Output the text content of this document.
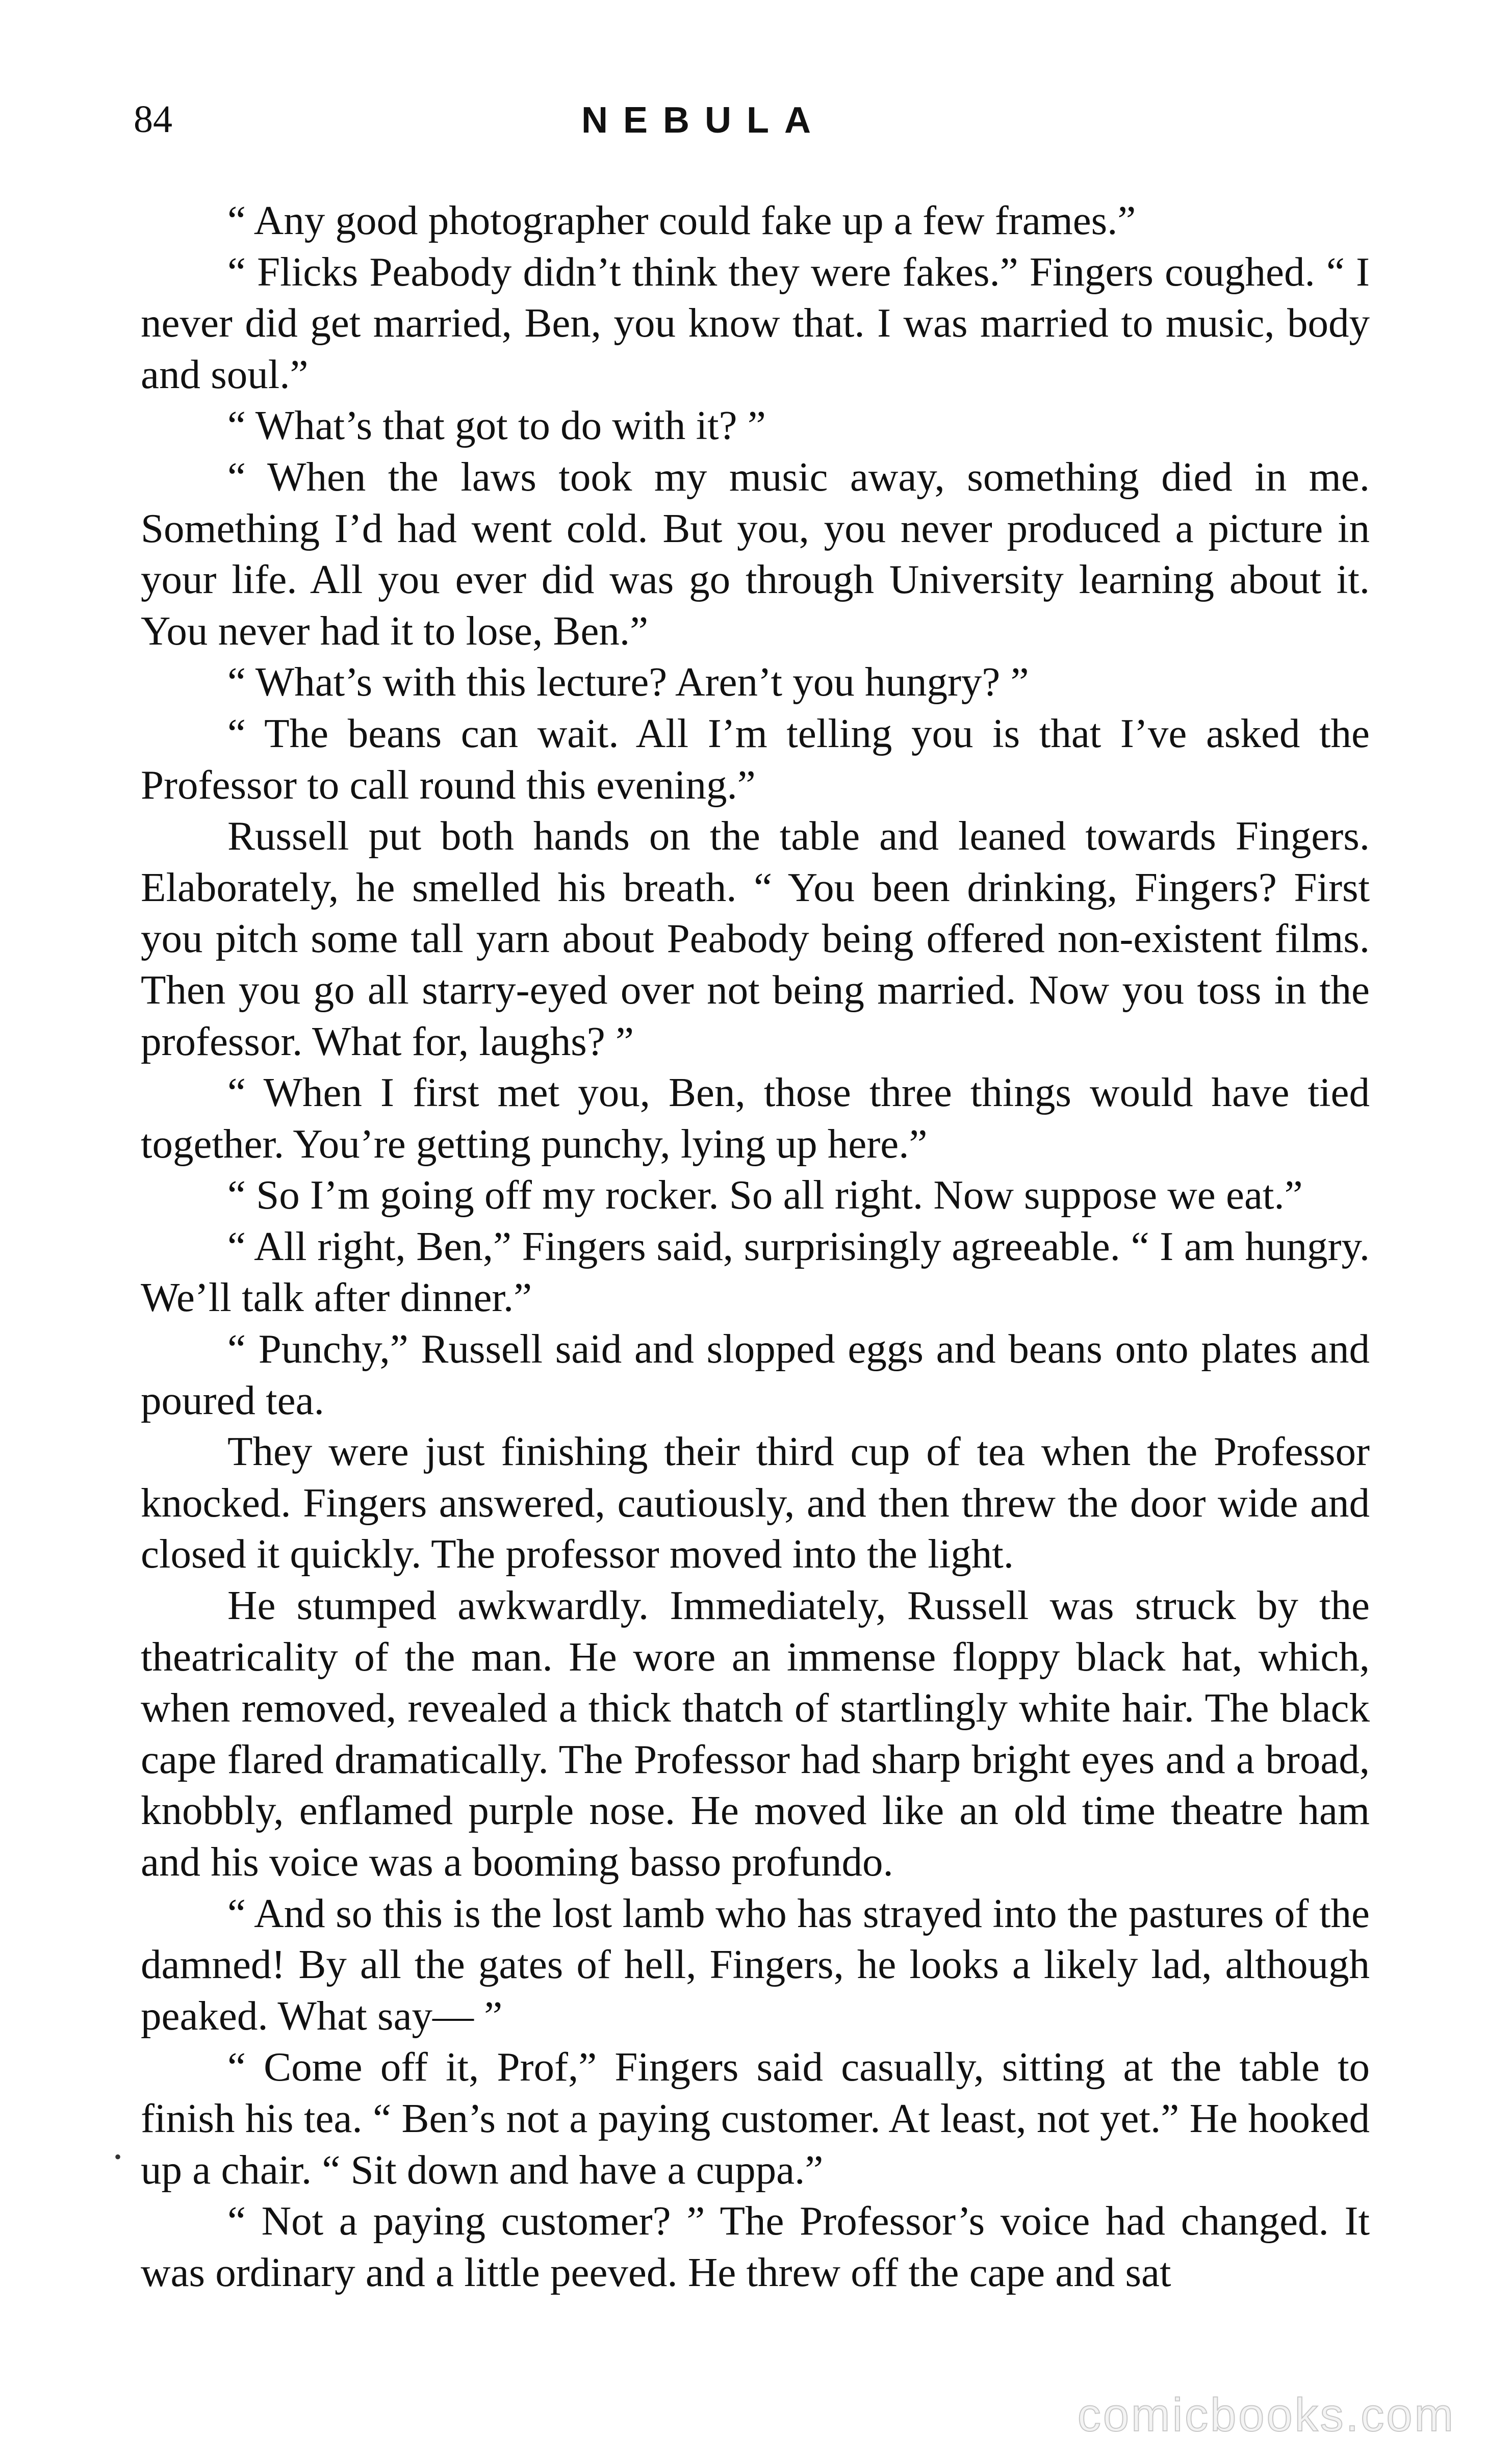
84	NEBULA

“ Any good photographer could fake up a few frames.”

“ Flicks Peabody didn’t think they were fakes.” Fingers coughed. “ I never did get married, Ben, you know that. I was married to music, body and soul.”

“ What’s that got to do with it? ”

“ When the laws took my music away, something died in me. Something I’d had went cold. But you, you never produced a picture in your life. All you ever did was go through University learning about it. You never had it to lose, Ben.”

“ What’s with this lecture? Aren’t you hungry? ”

“ The beans can wait. All I’m telling you is that I’ve asked the Professor to call round this evening.”

Russell put both hands on the table and leaned towards Fingers. Elaborately, he smelled his breath. “ You been drinking, Fingers? First you pitch some tall yarn about Peabody being offered non-existent films. Then you go all starry-eyed over not being married. Now you toss in the professor. What for, laughs? ”

“ When I first met you, Ben, those three things would have tied together. You’re getting punchy, lying up here.”

“ So I’m going off my rocker. So all right. Now suppose we eat.”

“ All right, Ben,” Fingers said, surprisingly agreeable. “ I am hungry. We’ll talk after dinner.”

“ Punchy,” Russell said and slopped eggs and beans onto plates and poured tea.

They were just finishing their third cup of tea when the Professor knocked. Fingers answered, cautiously, and then threw the door wide and closed it quickly. The professor moved into the light.

He stumped awkwardly. Immediately, Russell was struck by the theatricality of the man. He wore an immense floppy black hat, which, when removed, revealed a thick thatch of startlingly white hair. The black cape flared dramatically. The Professor had sharp bright eyes and a broad, knobbly, enflamed purple nose. He moved like an old time theatre ham and his voice was a booming basso profundo.

“ And so this is the lost lamb who has strayed into the pastures of the damned! By all the gates of hell, Fingers, he looks a likely lad, although peaked. What say— ”

“ Come off it, Prof,” Fingers said casually, sitting at the table to finish his tea. “ Ben’s not a paying customer. At least, not yet.” He hooked up a chair. “ Sit down and have a cuppa.”

“ Not a paying customer? ” The Professor’s voice had changed. It was ordinary and a little peeved. He threw off the cape and sat

•
comicbooks.com
